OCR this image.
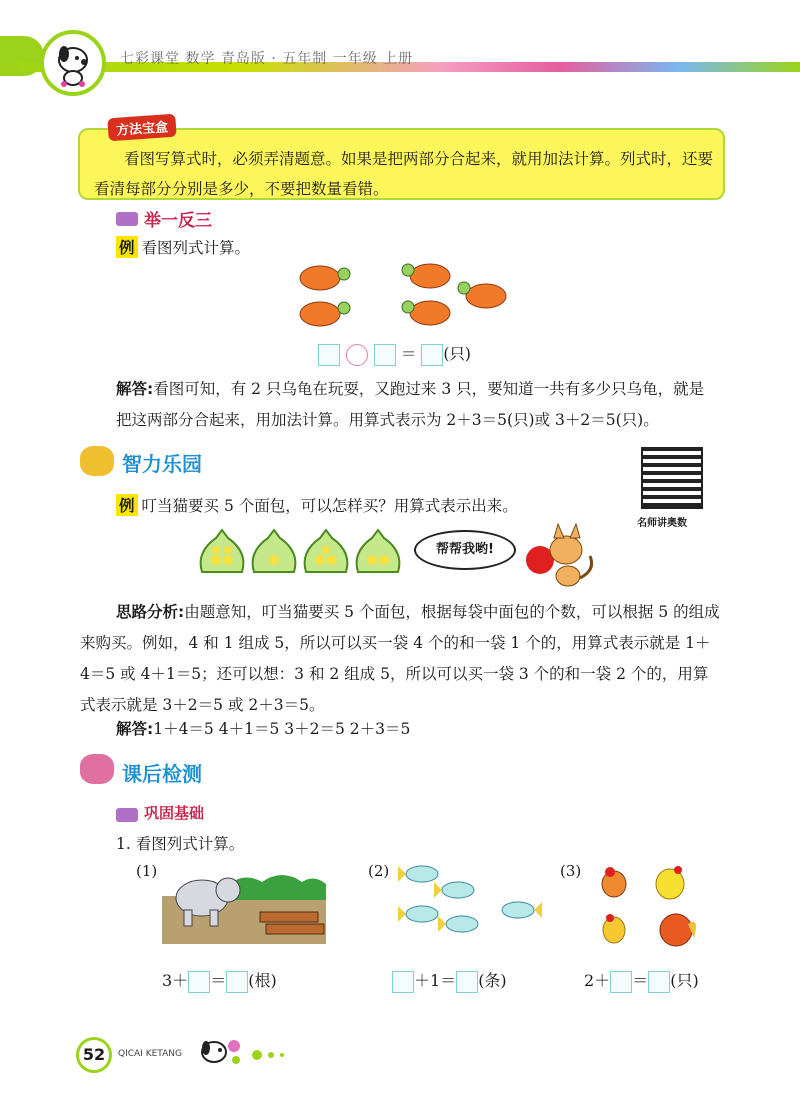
七彩课堂 数学 青岛版 · 五年制 一年级 上册
方法宝盒
看图写算式时，必须弄清题意。如果是把两部分合起来，就用加法计算。列式时，还要看清每部分分别是多少，不要把数量看错。
举一反三
例 看图列式计算。
＝ (只)
解答:看图可知，有 2 只乌龟在玩耍，又跑过来 3 只，要知道一共有多少只乌龟，就是把这两部分合起来，用加法计算。用算式表示为 2＋3＝5(只)或 3＋2＝5(只)。
智力乐园
名师讲奥数
例 叮当猫要买 5 个面包，可以怎样买？用算式表示出来。
帮帮我哟!
思路分析:由题意知，叮当猫要买 5 个面包，根据每袋中面包的个数，可以根据 5 的组成来购买。例如，4 和 1 组成 5，所以可以买一袋 4 个的和一袋 1 个的，用算式表示就是 1＋4＝5 或 4＋1＝5；还可以想：3 和 2 组成 5，所以可以买一袋 3 个的和一袋 2 个的，用算式表示就是 3＋2＝5 或 2＋3＝5。
解答:1＋4＝5 4＋1＝5 3＋2＝5 2＋3＝5
课后检测
巩固基础
1. 看图列式计算。
(1)
3＋ ＝ (根)
(2)
＋1＝ (条)
(3)
2＋ ＝ (只)
52	QICAI KETANG
